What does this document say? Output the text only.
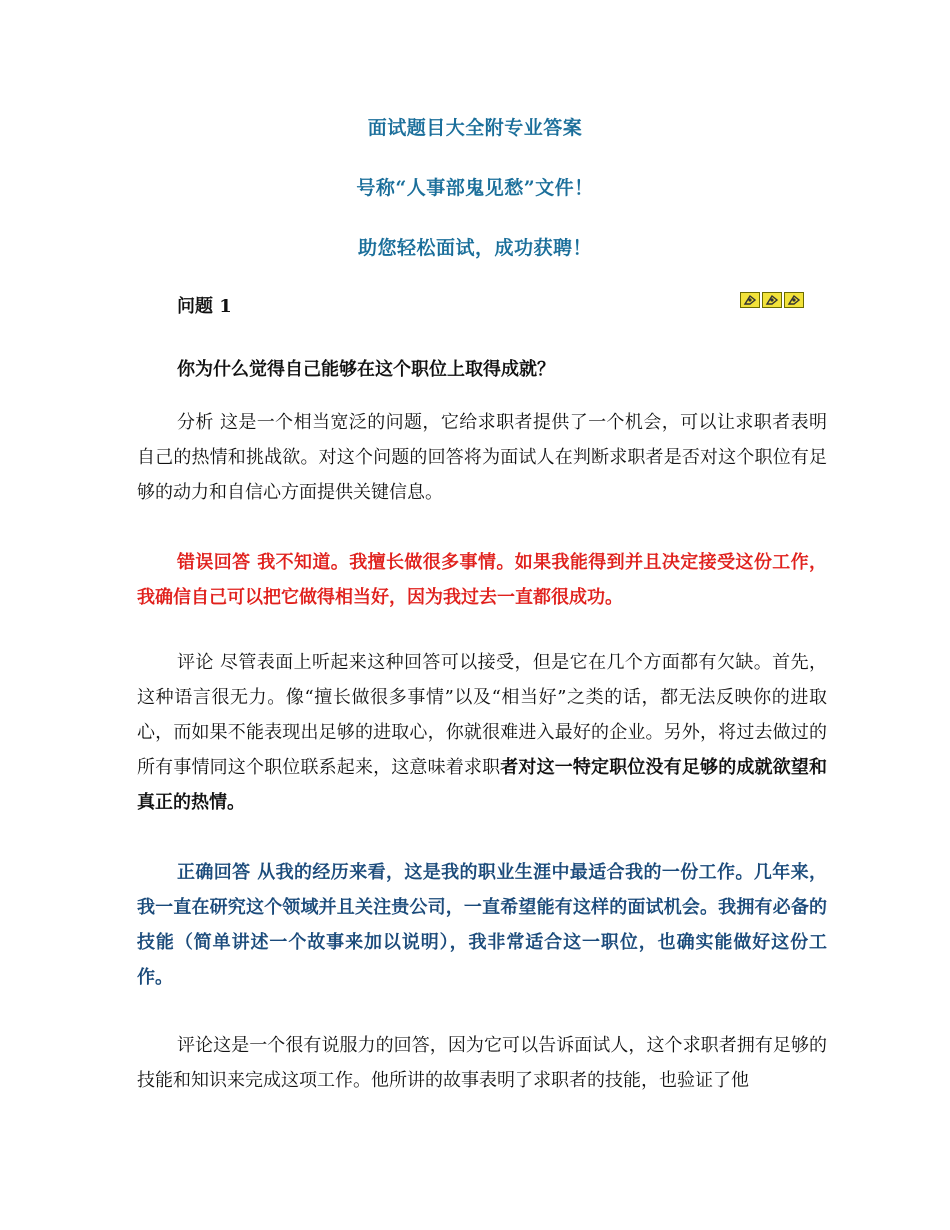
面试题目大全附专业答案
号称“人事部鬼见愁”文件！
助您轻松面试，成功获聘！
问题 1
你为什么觉得自己能够在这个职位上取得成就？
分析 这是一个相当宽泛的问题，它给求职者提供了一个机会，可以让求职者表明自己的热情和挑战欲。对这个问题的回答将为面试人在判断求职者是否对这个职位有足够的动力和自信心方面提供关键信息。
错误回答 我不知道。我擅长做很多事情。如果我能得到并且决定接受这份工作，我确信自己可以把它做得相当好，因为我过去一直都很成功。
评论 尽管表面上听起来这种回答可以接受，但是它在几个方面都有欠缺。首先，这种语言很无力。像“擅长做很多事情”以及“相当好”之类的话，都无法反映你的进取心，而如果不能表现出足够的进取心，你就很难进入最好的企业。另外，将过去做过的所有事情同这个职位联系起来，这意味着求职者对这一特定职位没有足够的成就欲望和真正的热情。
正确回答 从我的经历来看，这是我的职业生涯中最适合我的一份工作。几年来，我一直在研究这个领域并且关注贵公司，一直希望能有这样的面试机会。我拥有必备的技能（简单讲述一个故事来加以说明），我非常适合这一职位，也确实能做好这份工作。
评论这是一个很有说服力的回答，因为它可以告诉面试人，这个求职者拥有足够的技能和知识来完成这项工作。他所讲的故事表明了求职者的技能，也验证了他
